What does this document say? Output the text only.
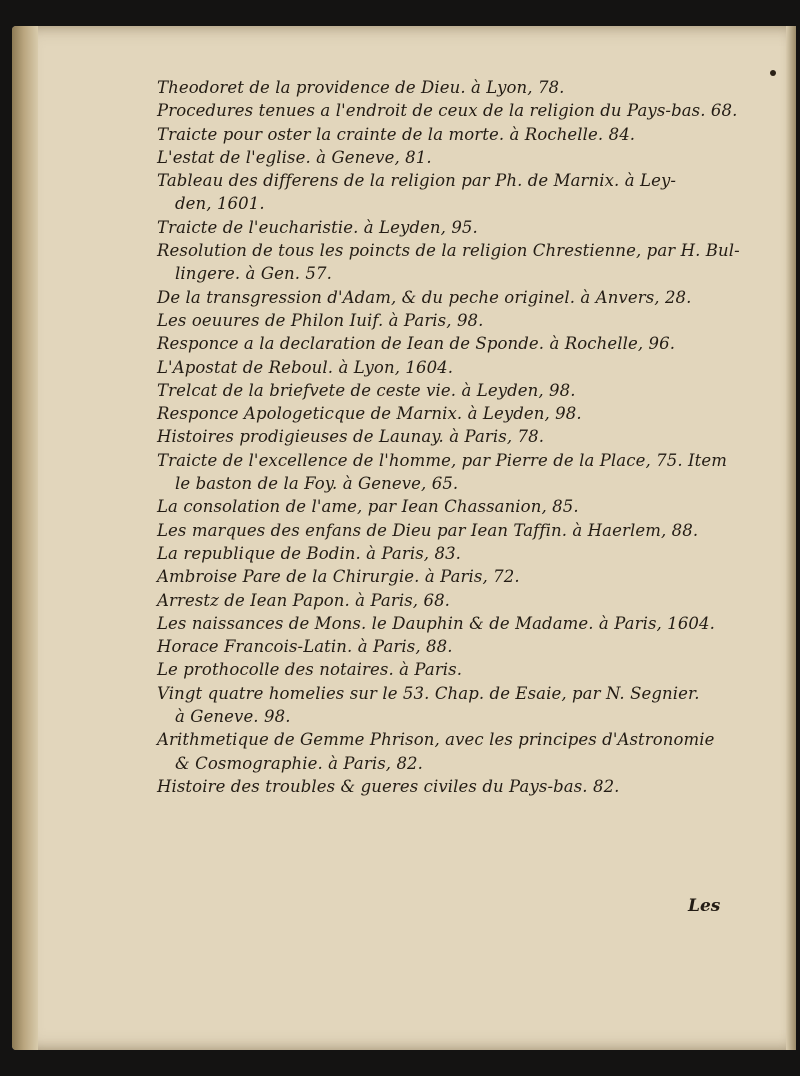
Theodoret de la providence de Dieu. à Lyon, 78.

Procedures tenues a l'endroit de ceux de la religion du Pays-bas. 68.

Traicte pour oster la crainte de la morte. à Rochelle. 84.

L'estat de l'eglise. à Geneve, 81.

Tableau des differens de la religion par Ph. de Marnix. à Ley-

den, 1601.

Traicte de l'eucharistie. à Leyden, 95.

Resolution de tous les poincts de la religion Chrestienne, par H. Bul-

lingere. à Gen. 57.

De la transgression d'Adam, & du peche originel. à Anvers, 28.

Les oeuures de Philon Iuif. à Paris, 98.

Responce a la declaration de Iean de Sponde. à Rochelle, 96.

L'Apostat de Reboul. à Lyon, 1604.

Trelcat de la briefvete de ceste vie. à Leyden, 98.

Responce Apologeticque de Marnix. à Leyden, 98.

Histoires prodigieuses de Launay. à Paris, 78.

Traicte de l'excellence de l'homme, par Pierre de la Place, 75. Item

le baston de la Foy. à Geneve, 65.

La consolation de l'ame, par Iean Chassanion, 85.

Les marques des enfans de Dieu par Iean Taffin. à Haerlem, 88.

La republique de Bodin. à Paris, 83.

Ambroise Pare de la Chirurgie. à Paris, 72.

Arrestz de Iean Papon. à Paris, 68.

Les naissances de Mons. le Dauphin & de Madame. à Paris, 1604.

Horace Francois-Latin. à Paris, 88.

Le prothocolle des notaires. à Paris.

Vingt quatre homelies sur le 53. Chap. de Esaie, par N. Segnier.

à Geneve. 98.

Arithmetique de Gemme Phrison, avec les principes d'Astronomie

& Cosmographie. à Paris, 82.

Histoire des troubles & gueres civiles du Pays-bas. 82.

Les
